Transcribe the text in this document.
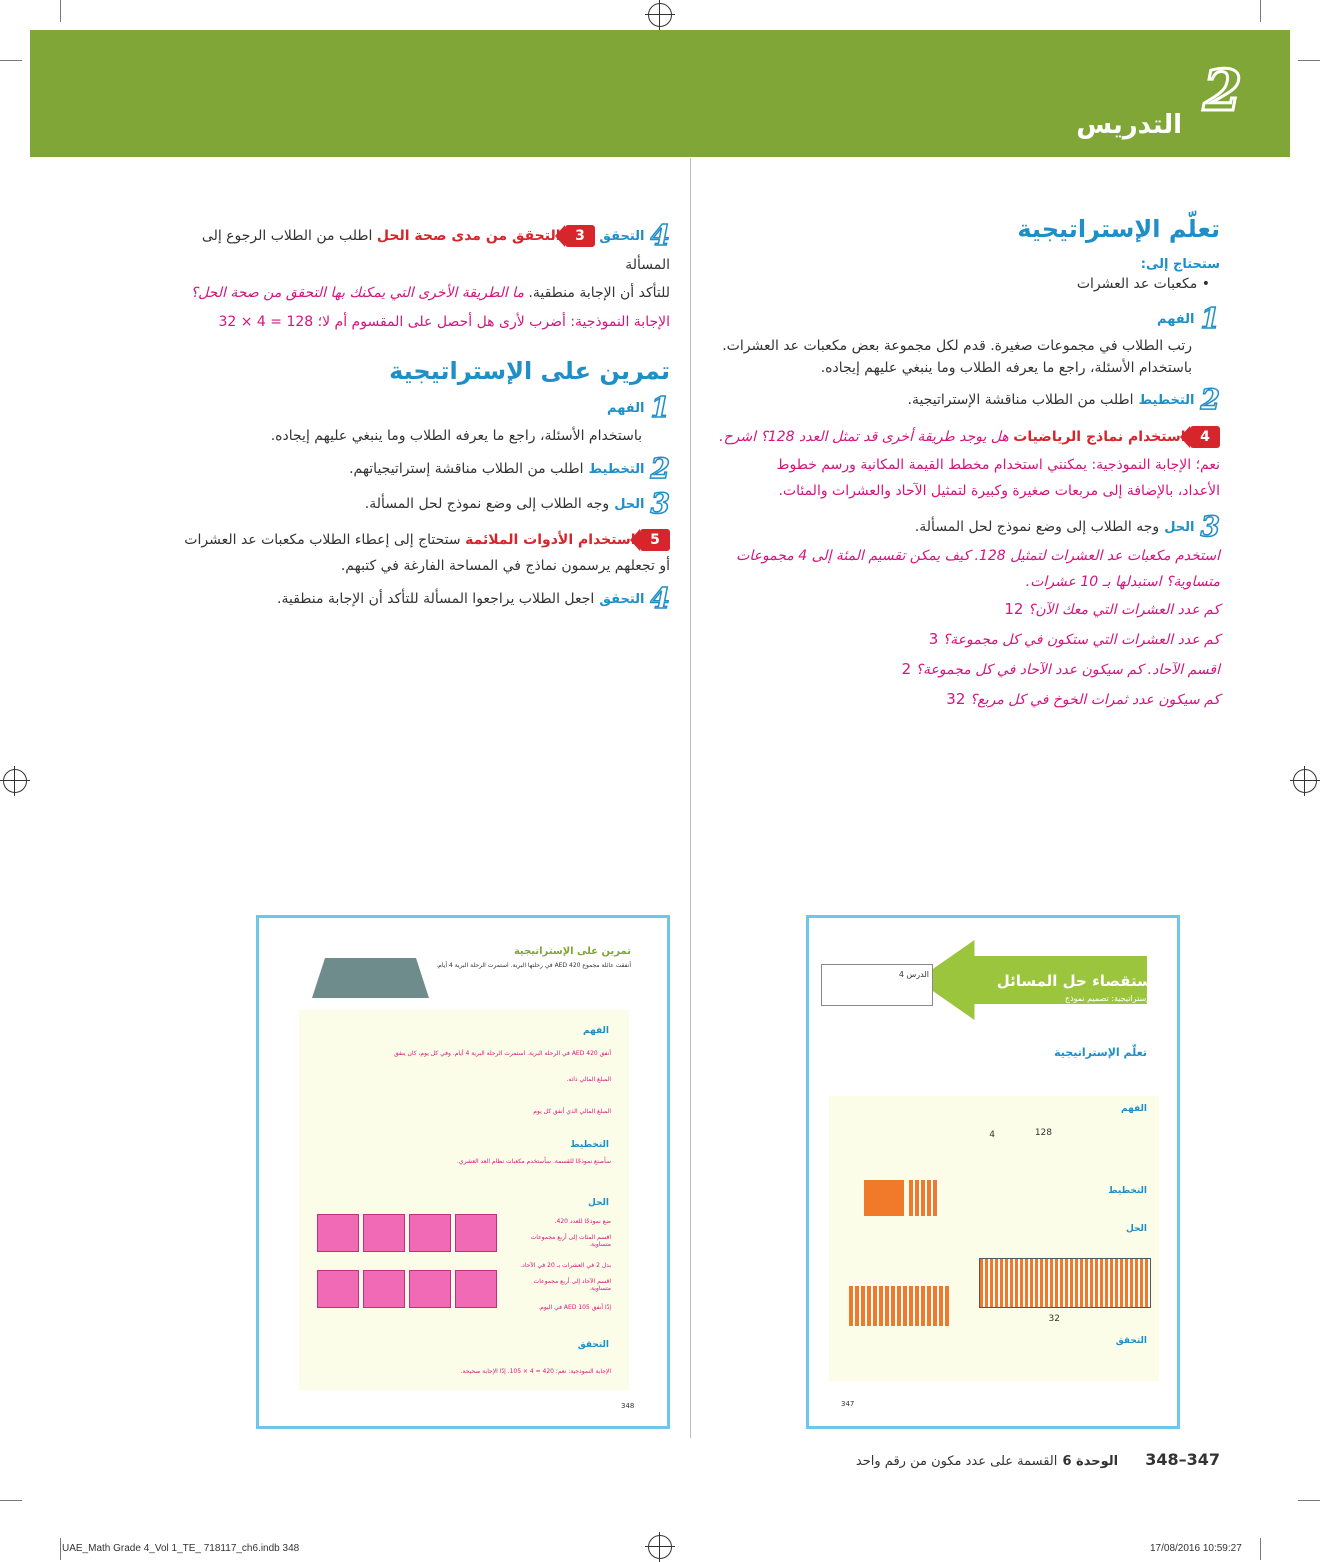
2
التدريس
تعلّم الإستراتيجية
ستحتاج إلى:
• مكعبات عد العشرات
1الفهم
رتب الطلاب في مجموعات صغيرة. قدم لكل مجموعة بعض مكعبات عد العشرات.
باستخدام الأسئلة، راجع ما يعرفه الطلاب وما ينبغي عليهم إيجاده.
2التخطيط اطلب من الطلاب مناقشة الإستراتيجية.
4 استخدام نماذج الرياضيات هل يوجد طريقة أخرى قد تمثل العدد 128؟ اشرح.
نعم؛ الإجابة النموذجية: يمكنني استخدام مخطط القيمة المكانية ورسم خطوط
الأعداد، بالإضافة إلى مربعات صغيرة وكبيرة لتمثيل الآحاد والعشرات والمئات.
3الحل وجه الطلاب إلى وضع نموذج لحل المسألة.
استخدم مكعبات عد العشرات لتمثيل 128. كيف يمكن تقسيم المئة إلى 4 مجموعات
متساوية؟ استبدلها بـ 10 عشرات.
كم عدد العشرات التي معك الآن؟ 12
كم عدد العشرات التي ستكون في كل مجموعة؟ 3
اقسم الآحاد. كم سيكون عدد الآحاد في كل مجموعة؟ 2
كم سيكون عدد ثمرات الخوخ في كل مربع؟ 32
4التحقق 3 التحقق من مدى صحة الحل اطلب من الطلاب الرجوع إلى المسألة
للتأكد أن الإجابة منطقية. ما الطريقة الأخرى التي يمكنك بها التحقق من صحة الحل؟
الإجابة النموذجية: أضرب لأرى هل أحصل على المقسوم أم لا؛ 128 = 4 × 32
تمرين على الإستراتيجية
1الفهم
باستخدام الأسئلة، راجع ما يعرفه الطلاب وما ينبغي عليهم إيجاده.
2التخطيط اطلب من الطلاب مناقشة إستراتيجياتهم.
3الحل وجه الطلاب إلى وضع نموذج لحل المسألة.
5 استخدام الأدوات الملائمة ستحتاج إلى إعطاء الطلاب مكعبات عد العشرات
أو تجعلهم يرسمون نماذج في المساحة الفارغة في كتبهم.
4التحقق اجعل الطلاب يراجعوا المسألة للتأكد أن الإجابة منطقية.
استقصاء حل المسائل
الإستراتيجية: تصميم نموذج
الدرس 4
تعلّم الإستراتيجية
الفهم
128
4
التخطيط
الحل
التحقق
32
347
تمرين على الإستراتيجية
أنفقت عائلة مجموع AED 420 في رحلتها البرية. استمرت الرحلة البرية 4 أيام.
الفهم
أنفق AED 420 في الرحلة البرية. استمرت الرحلة البرية 4 أيام. وفي كل يوم، كان ينفق
المبلغ المالي ذاته.
المبلغ المالي الذي أنفق كل يوم
التخطيط
سأصنع نموذجًا للقسمة. سأستخدم مكعبات نظام العد العشري.
الحل
ضع نموذجًا للعدد 420.
اقسم المئات إلى أربع مجموعات متساوية.
بدل 2 في العشرات بـ 20 في الآحاد.
اقسم الآحاد إلى أربع مجموعات متساوية.
إذًا أنفق AED 105 في اليوم.
التحقق
الإجابة النموذجية: نعم؛ 420 = 4 × 105. إذًا الإجابة صحيحة.
348
347–348 الوحدة 6 القسمة على عدد مكون من رقم واحد
UAE_Math Grade 4_Vol 1_TE_ 718117_ch6.indb 348	17/08/2016 10:59:27
